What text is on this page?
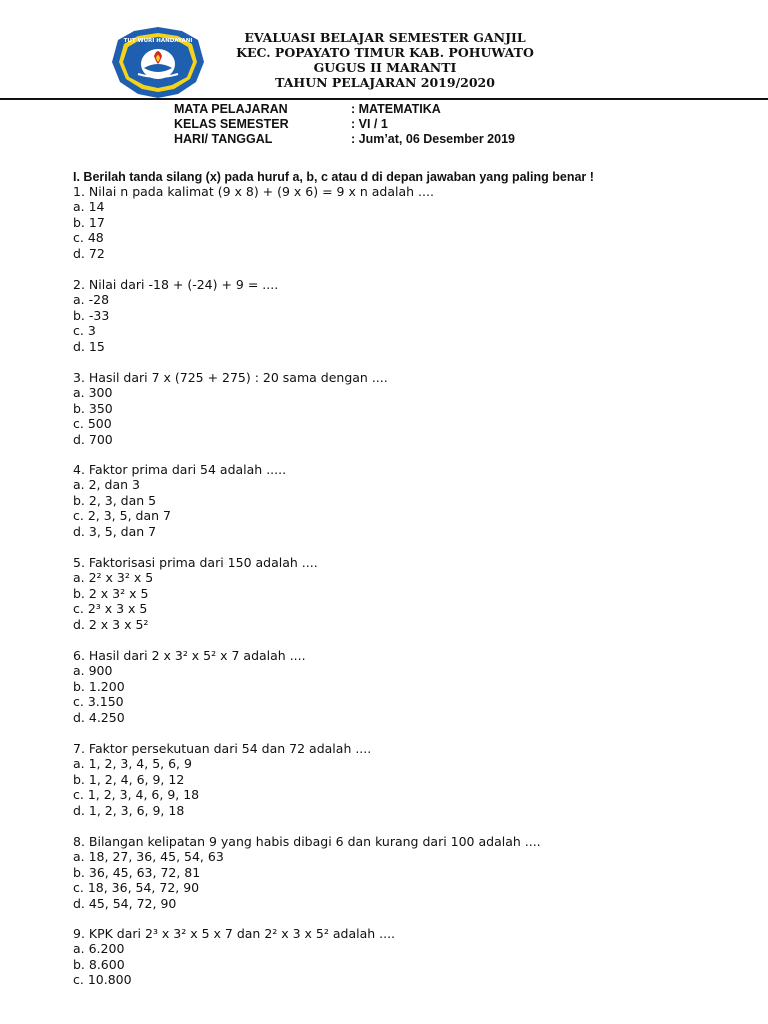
TUT WURI HANDAYANI	EVALUASI BELAJAR SEMESTER GANJIL
KEC. POPAYATO TIMUR KAB. POHUWATO
GUGUS II MARANTI
TAHUN PELAJARAN 2019/2020
MATA PELAJARAN	: MATEMATIKA
KELAS SEMESTER	: VI / 1
HARI/ TANGGAL	: Jum’at, 06 Desember 2019
I. Berilah tanda silang (x) pada huruf a, b, c atau d di depan jawaban yang paling benar !
1. Nilai n pada kalimat (9 x 8) + (9 x 6) = 9 x n adalah ....
a. 14
b. 17
c. 48
d. 72
2. Nilai dari -18 + (-24) + 9 = ....
a. -28
b. -33
c. 3
d. 15
3. Hasil dari 7 x (725 + 275) : 20 sama dengan ....
a. 300
b. 350
c. 500
d. 700
4. Faktor prima dari 54 adalah .....
a. 2, dan 3
b. 2, 3, dan 5
c. 2, 3, 5, dan 7
d. 3, 5, dan 7
5. Faktorisasi prima dari 150 adalah ....
a. 2² x 3² x 5
b. 2 x 3² x 5
c. 2³ x 3 x 5
d. 2 x 3 x 5²
6. Hasil dari 2 x 3² x 5² x 7 adalah ....
a. 900
b. 1.200
c. 3.150
d. 4.250
7. Faktor persekutuan dari 54 dan 72 adalah ....
a. 1, 2, 3, 4, 5, 6, 9
b. 1, 2, 4, 6, 9, 12
c. 1, 2, 3, 4, 6, 9, 18
d. 1, 2, 3, 6, 9, 18
8. Bilangan kelipatan 9 yang habis dibagi 6 dan kurang dari 100 adalah ....
a. 18, 27, 36, 45, 54, 63
b. 36, 45, 63, 72, 81
c. 18, 36, 54, 72, 90
d. 45, 54, 72, 90
9. KPK dari 2³ x 3² x 5 x 7 dan 2² x 3 x 5² adalah ....
a. 6.200
b. 8.600
c. 10.800
